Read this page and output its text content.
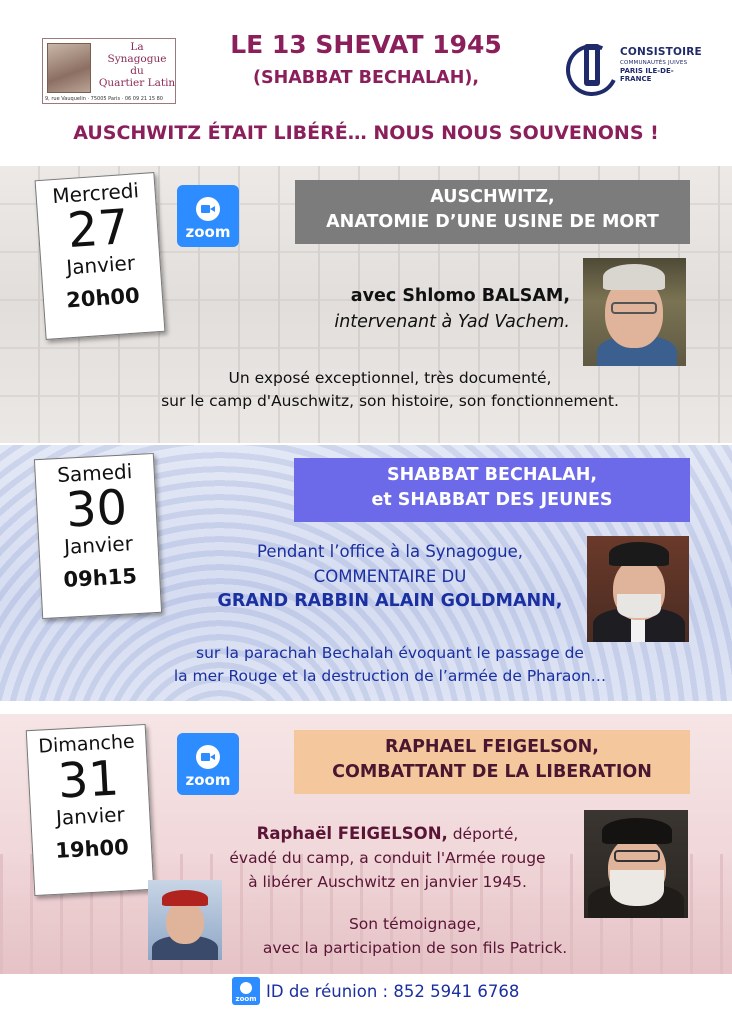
La
Synagogue
du
Quartier Latin
9, rue Vauquelin · 75005 Paris · 06 09 21 15 80
LE 13 SHEVAT 1945
(SHABBAT BECHALAH),
CONSISTOIRE
COMMUNAUTÉS JUIVES
PARIS ILE-DE-FRANCE
AUSCHWITZ ÉTAIT LIBÉRÉ… NOUS NOUS SOUVENONS !
Mercredi
27
Janvier
20h00
zoom
AUSCHWITZ,
ANATOMIE D’UNE USINE DE MORT
avec Shlomo BALSAM,
intervenant à Yad Vachem.
Un exposé exceptionnel, très documenté,
sur le camp d'Auschwitz, son histoire, son fonctionnement.
Samedi
30
Janvier
09h15
SHABBAT BECHALAH,
et SHABBAT DES JEUNES
Pendant l’office à la Synagogue,
COMMENTAIRE DU
GRAND RABBIN ALAIN GOLDMANN,
sur la parachah Bechalah évoquant le passage de
la mer Rouge et la destruction de l’armée de Pharaon…
Dimanche
31
Janvier
19h00
zoom
RAPHAEL FEIGELSON,
COMBATTANT DE LA LIBERATION
Raphaël FEIGELSON, déporté,
évadé du camp, a conduit l'Armée rouge
à libérer Auschwitz en janvier 1945.
Son témoignage,
avec la participation de son fils Patrick.
zoom ID de réunion : 852 5941 6768
